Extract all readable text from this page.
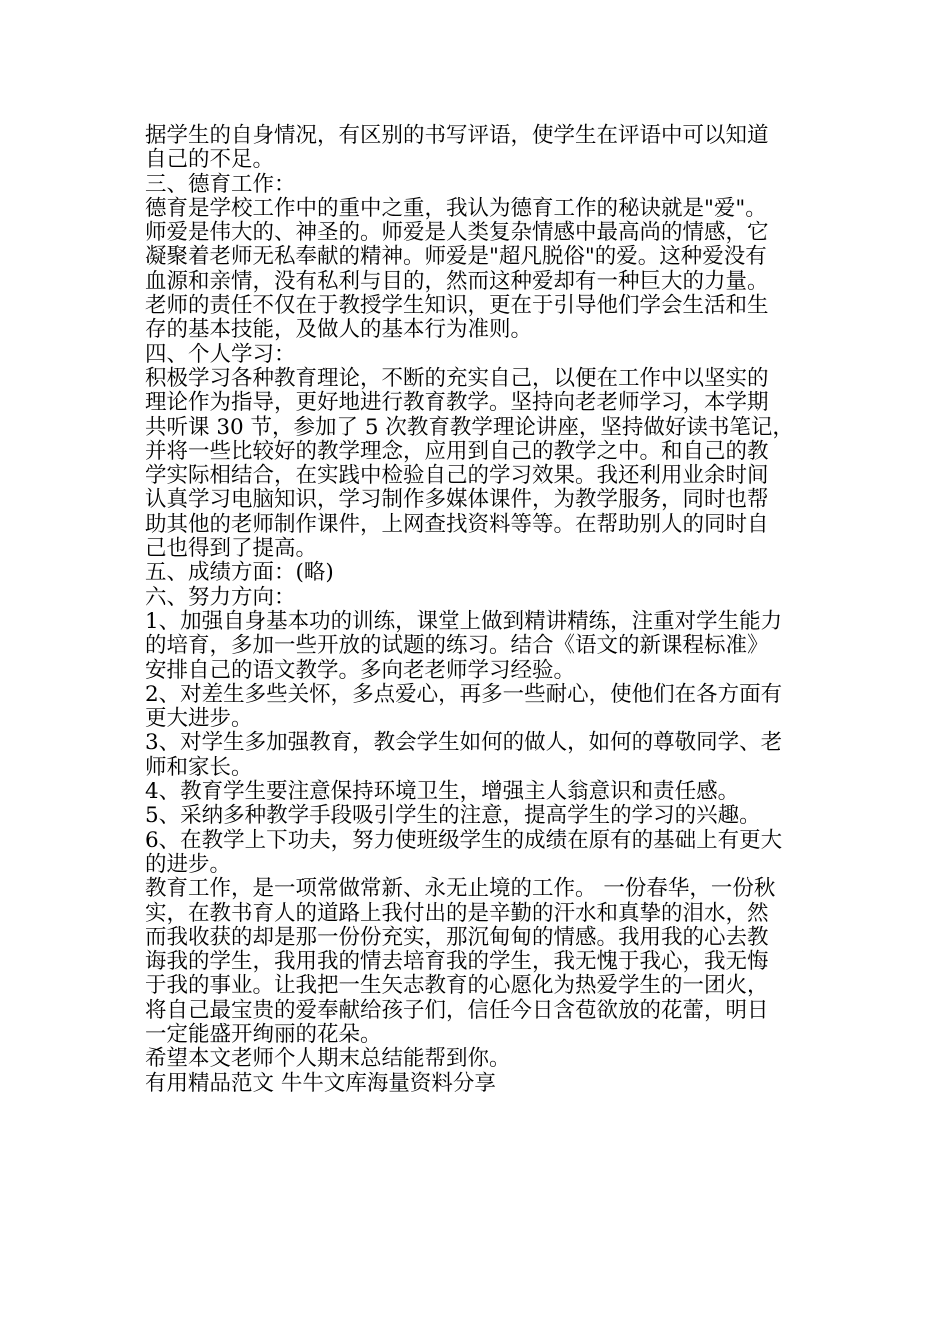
据学生的自身情况，有区别的书写评语，使学生在评语中可以知道
自己的不足。
三、德育工作：
德育是学校工作中的重中之重，我认为德育工作的秘诀就是"爱"。
师爱是伟大的、神圣的。师爱是人类复杂情感中最高尚的情感，它
凝聚着老师无私奉献的精神。师爱是"超凡脱俗"的爱。这种爱没有
血源和亲情，没有私利与目的，然而这种爱却有一种巨大的力量。
老师的责任不仅在于教授学生知识，更在于引导他们学会生活和生
存的基本技能，及做人的基本行为准则。
四、个人学习：
积极学习各种教育理论，不断的充实自己，以便在工作中以坚实的
理论作为指导，更好地进行教育教学。坚持向老老师学习，本学期
共听课 30 节，参加了 5 次教育教学理论讲座，坚持做好读书笔记，
并将一些比较好的教学理念，应用到自己的教学之中。和自己的教
学实际相结合，在实践中检验自己的学习效果。我还利用业余时间
认真学习电脑知识，学习制作多媒体课件，为教学服务，同时也帮
助其他的老师制作课件，上网查找资料等等。在帮助别人的同时自
己也得到了提高。
五、成绩方面：(略)
六、努力方向：
1、加强自身基本功的训练，课堂上做到精讲精练，注重对学生能力
的培育，多加一些开放的试题的练习。结合《语文的新课程标准》
安排自己的语文教学。多向老老师学习经验。
2、对差生多些关怀，多点爱心，再多一些耐心，使他们在各方面有
更大进步。
3、对学生多加强教育，教会学生如何的做人，如何的尊敬同学、老
师和家长。
4、教育学生要注意保持环境卫生，增强主人翁意识和责任感。
5、采纳多种教学手段吸引学生的注意，提高学生的学习的兴趣。
6、在教学上下功夫，努力使班级学生的成绩在原有的基础上有更大
的进步。
教育工作，是一项常做常新、永无止境的工作。 一份春华，一份秋
实，在教书育人的道路上我付出的是辛勤的汗水和真挚的泪水，然
而我收获的却是那一份份充实，那沉甸甸的情感。我用我的心去教
诲我的学生，我用我的情去培育我的学生，我无愧于我心，我无悔
于我的事业。让我把一生矢志教育的心愿化为热爱学生的一团火，
将自己最宝贵的爱奉献给孩子们，信任今日含苞欲放的花蕾，明日
一定能盛开绚丽的花朵。
希望本文老师个人期末总结能帮到你。
有用精品范文 牛牛文库海量资料分享
